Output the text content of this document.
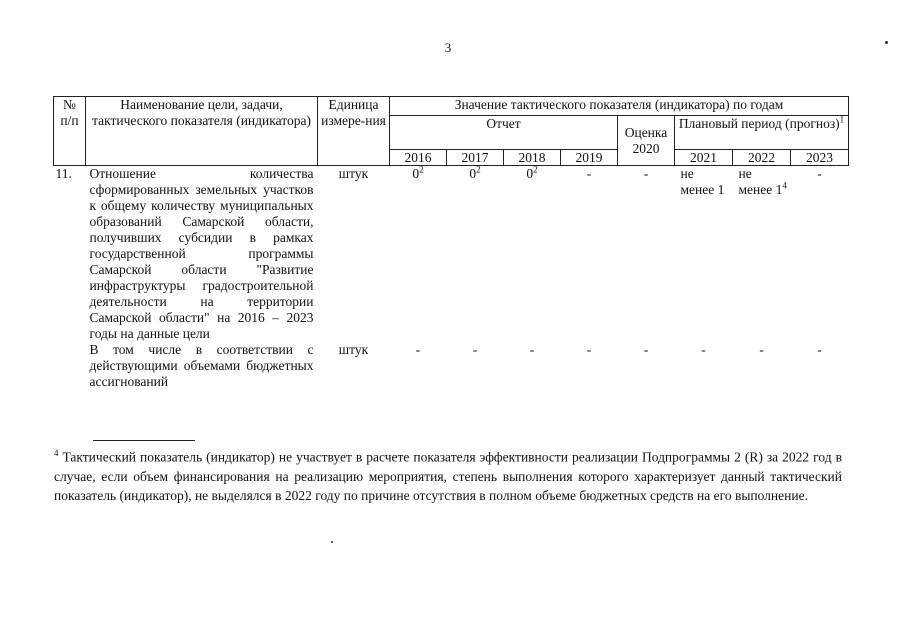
3
№ п/п	Наименование цели, задачи, тактического показателя (индикатора)	Единица измере-ния	Значение тактического показателя (индикатора) по годам							
			Отчет				Оценка 2020	Плановый период (прогноз)$^1$
			2016	2017	2018	2019		2021	2022	2023
11.	Отношение количества сформированных земельных участков к общему количеству муниципальных образований Самарской области, получивших субсидии в рамках государственной программы Самарской области "Развитие инфраструктуры градостроительной деятельности на территории Самарской области" на 2016 – 2023 годы на данные цели	штук	$0^2$	$0^2$	$0^2$	-	-	не менее 1	не менее $1^4$	-
	В том числе в соответствии с действующими объемами бюджетных ассигнований	штук	-	-	-	-	-	-	-	-
$^4$ Тактический показатель (индикатор) не участвует в расчете показателя эффективности реализации Подпрограммы 2 (R) за 2022 год в случае, если объем финансирования на реализацию мероприятия, степень выполнения которого характеризует данный тактический показатель (индикатор), не выделялся в 2022 году по причине отсутствия в полном объеме бюджетных средств на его выполнение.
